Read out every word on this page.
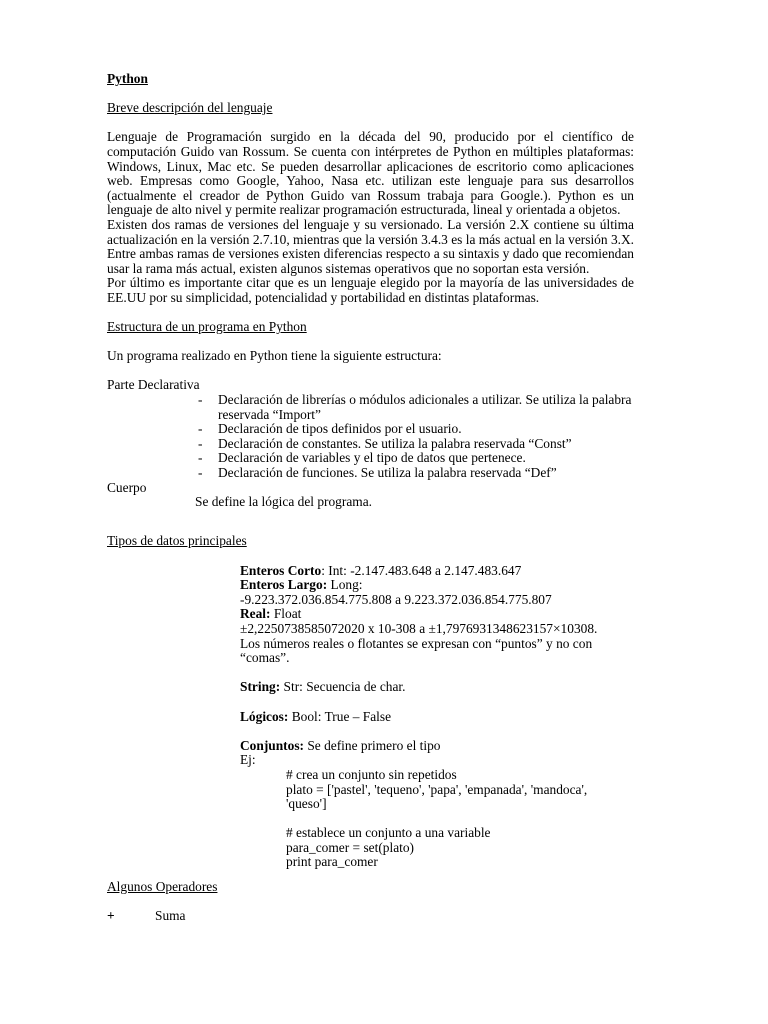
Python

Breve descripción del lenguaje

Lenguaje de Programación surgido en la década del 90, producido por el científico de computación Guido van Rossum. Se cuenta con intérpretes de Python en múltiples plataformas: Windows, Linux, Mac etc. Se pueden desarrollar aplicaciones de escritorio como aplicaciones web. Empresas como Google, Yahoo, Nasa etc. utilizan este lenguaje para sus desarrollos (actualmente el creador de Python Guido van Rossum trabaja para Google.). Python es un lenguaje de alto nivel y permite realizar programación estructurada, lineal y orientada a objetos.

Existen dos ramas de versiones del lenguaje y su versionado. La versión 2.X contiene su última actualización en la versión 2.7.10, mientras que la versión 3.4.3 es la más actual en la versión 3.X. Entre ambas ramas de versiones existen diferencias respecto a su sintaxis y dado que recomiendan usar la rama más actual, existen algunos sistemas operativos que no soportan esta versión.

Por último es importante citar que es un lenguaje elegido por la mayoría de las universidades de EE.UU por su simplicidad, potencialidad y portabilidad en distintas plataformas.

Estructura de un programa en Python

Un programa realizado en Python tiene la siguiente estructura:

Parte Declarativa

- Declaración de librerías o módulos adicionales a utilizar. Se utiliza la palabra reservada “Import”
- Declaración de tipos definidos por el usuario.
- Declaración de constantes. Se utiliza la palabra reservada “Const”
- Declaración de variables y el tipo de datos que pertenece.
- Declaración de funciones. Se utiliza la palabra reservada “Def”

Cuerpo

Se define la lógica del programa.

Tipos de datos principales

Enteros Corto: Int: -2.147.483.648 a 2.147.483.647

Enteros Largo: Long:

-9.223.372.036.854.775.808 a 9.223.372.036.854.775.807

Real: Float

±2,2250738585072020 x 10-308 a ±1,7976931348623157×10308.

Los números reales o flotantes se expresan con “puntos” y no con “comas”.

String: Str: Secuencia de char.

Lógicos: Bool: True – False

Conjuntos: Se define primero el tipo

Ej:

# crea un conjunto sin repetidos

plato = ['pastel', 'tequeno', 'papa', 'empanada', 'mandoca',

'queso']

# establece un conjunto a una variable

para_comer = set(plato)

print para_comer

Algunos Operadores

+	Suma
